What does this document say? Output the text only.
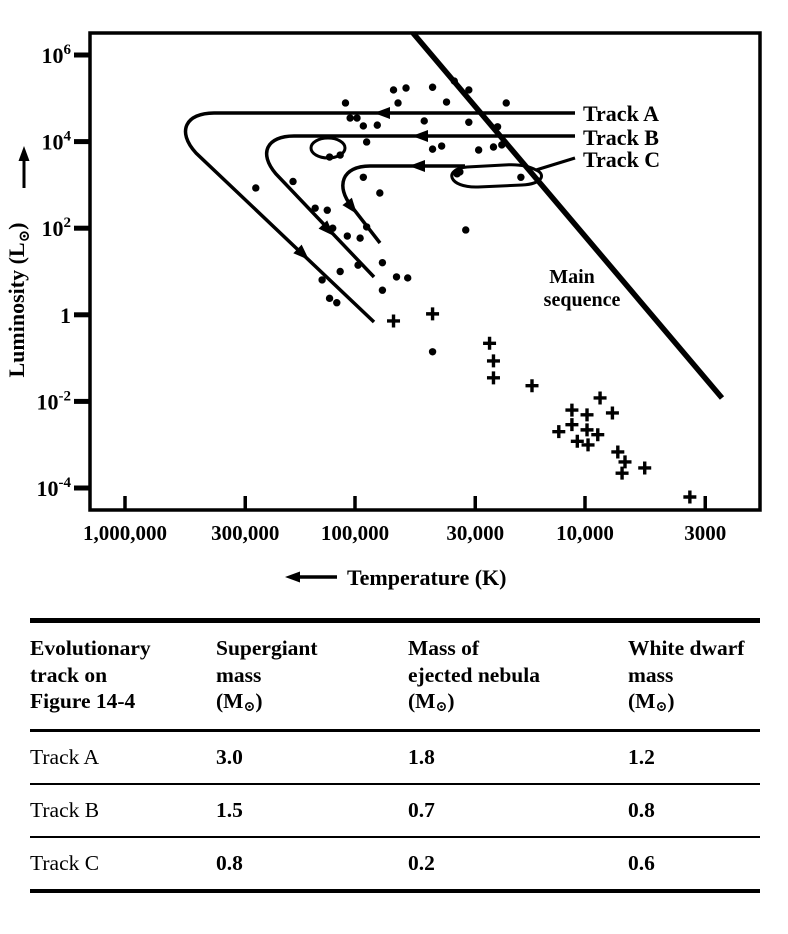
$10^6$
$10^4$
$10^2$
1
$10^{-2}$
$10^{-4}$
1,000,000 300,000 100,000	30,000 10,000	3000
Luminosity $(L_⊙)$
Temperature (K)
Main
sequence
Track A
Track B
Track C
Evolutionary
track on
Figure 14-4

Supergiant
mass
(M⊙)

Mass of
ejected nebula
(M⊙)

White dwarf
mass
(M⊙)

Track A	3.0	1.8	1.2
Track B	1.5	0.7	0.8
Track C	0.8	0.2	0.6
